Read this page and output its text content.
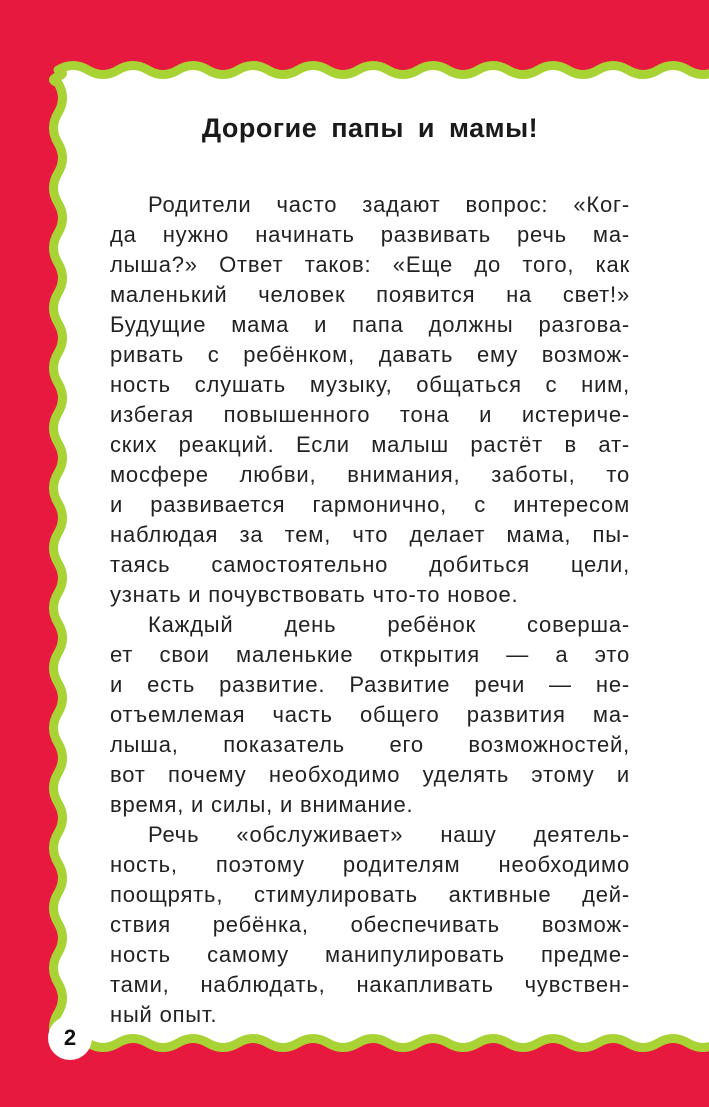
Дорогие папы и мамы!
Родители часто задают вопрос: «Ког-
да нужно начинать развивать речь ма-
лыша?» Ответ таков: «Еще до того, как
маленький человек появится на свет!»
Будущие мама и папа должны разгова-
ривать с ребёнком, давать ему возмож-
ность слушать музыку, общаться с ним,
избегая повышенного тона и истериче-
ских реакций. Если малыш растёт в ат-
мосфере любви, внимания, заботы, то
и развивается гармонично, с интересом
наблюдая за тем, что делает мама, пы-
таясь самостоятельно добиться цели,
узнать и почувствовать что-то новое.
Каждый день ребёнок соверша-
ет свои маленькие открытия — а это
и есть развитие. Развитие речи — не-
отъемлемая часть общего развития ма-
лыша, показатель его возможностей,
вот почему необходимо уделять этому и
время, и силы, и внимание.
Речь «обслуживает» нашу деятель-
ность, поэтому родителям необходимо
поощрять, стимулировать активные дей-
ствия ребёнка, обеспечивать возмож-
ность самому манипулировать предме-
тами, наблюдать, накапливать чувствен-
ный опыт.
2
